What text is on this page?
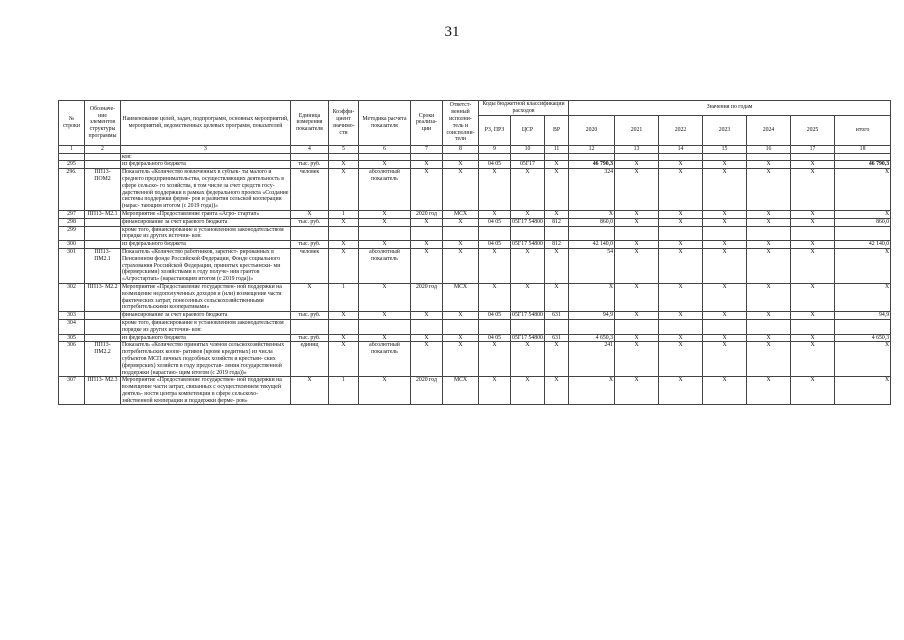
31
№ строки	Обозначе- ние элементов структуры программы	Наименование целей, задач, подпрограмм, основных мероприятий, мероприятий, ведомственных целевых программ, показателей	Единица измерения показателя	Коэффи- циент значимо- сти	Методика расчета показателя	Сроки реализа- ции	Ответст- венный исполни- тель и соисполни- тели	Коды бюджетной классификации расходов			Значения по годам						
								РЗ, ПРЗ	ЦСР	ВР	2020	2021	2022	2023	2024	2025	итого
1	2	3	4	5	6	7	8	9	10	11	12	13	14	15	16	17	18
		ков:															
295		из федерального бюджета	тыс. руб.	Х	Х	Х	Х	04 05	05Г17	Х	46 790,3	Х	Х	Х	Х	Х	46 790,3
296.	ПП13- ПОМ2	Показатель «Количество вовлеченных в субъек- ты малого и среднего предпринимательства, осуществляющих деятельность в сфере сельско- го хозяйства, в том числе за счет средств госу- дарственной поддержки в рамках федерального проекта «Создание системы поддержки фермe- ров и развития сельской кооперации (нарас- тающим итогом (с 2019 года))»	человек	Х	абсолютный показатель	Х	Х	Х	Х	Х	324	Х	Х	Х	Х	Х	Х
297	ПП13- М2.1	Мероприятие «Предоставление гранта «Агро- стартап»	Х	1	Х	2020 год	МСХ	Х	Х	Х	Х	Х	Х	Х	Х	Х	Х
298		финансирование за счет краевого бюджета	тыс. руб.	Х	Х	Х	Х	04 05	05Г17 54800	812	860,0	Х	Х	Х	Х	Х	860,0
299		кроме того, финансирование в установленном законодательством порядке из других источни- ков:															
300		из федерального бюджета	тыс. руб.	Х	Х	Х	Х	04 05	05Г17 54800	812	42 140,0	Х	Х	Х	Х	Х	42 140,0
301	ПП13- ПМ2.1	Показатель «Количество работников, зарегист- рированных в Пенсионном фонде Российской Федерации, Фонде социального страхования Российской Федерации, принятых крестьянски- ми (фермерскими) хозяйствами в году получе- ния грантов «Агростартап» (нарастающим итогом (с 2019 года))»	человек	Х	абсолютный показатель	Х	Х	Х	Х	Х	54	Х	Х	Х	Х	Х	Х
302	ПП13- М2.2	Мероприятие «Предоставление государствен- ной поддержки на возмещение недополученных доходов и (или) возмещение части фактических затрат, понесенных сельскохозяйственными потребительскими кооперативами»	Х	1	Х	2020 год	МСХ	Х	Х	Х	Х	Х	Х	Х	Х	Х	Х
303		финансирование за счет краевого бюджета	тыс. руб.	Х	Х	Х	Х	04 05	05Г17 54800	631	94,9	Х	Х	Х	Х	Х	94,9
304		кроме того, финансирование в установленном законодательством порядке из других источни- ков:															
305		из федерального бюджета	тыс. руб.	Х	Х	Х	Х	04 05	05Г17 54800	631	4 650,3	Х	Х	Х	Х	Х	4 650,3
306	ПП13- ПМ2.2	Показатель «Количество принятых членов сельскохозяйственных потребительских коопе- ративов (кроме кредитных) из числа субъектов МСП личных подсобных хозяйств и крестьян- ских (фермерских) хозяйств в году предостав- ления государственной поддержки (нарастаю- щим итогом (с 2019 года))»	единиц	Х	абсолютный показатель	Х	Х	Х	Х	Х	241	Х	Х	Х	Х	Х	Х
307	ПП13- М2.3	Мероприятие «Предоставление государствен- ной поддержки на возмещение части затрат, связанных с осуществлением текущей деятель- ности центра компетенции в сфере сельскохо- зяйственной кооперации и поддержки ферме- ров»	Х	1	Х	2020 год	МСХ	Х	Х	Х	Х	Х	Х	Х	Х	Х	Х
